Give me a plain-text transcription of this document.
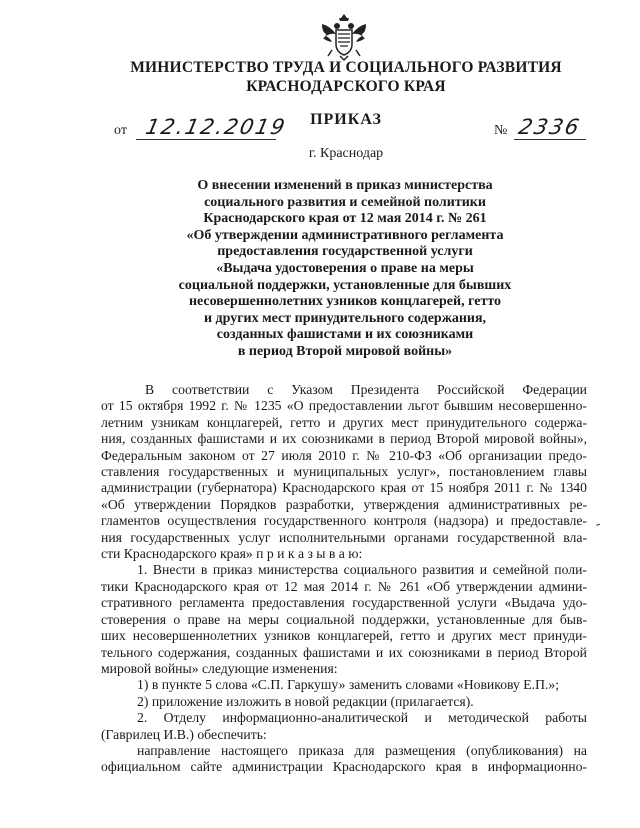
МИНИСТЕРСТВО ТРУДА И СОЦИАЛЬНОГО РАЗВИТИЯ
КРАСНОДАРСКОГО КРАЯ
ПРИКАЗ
от 12.12.2019	№ 2336
г. Краснодар
О внесении изменений в приказ министерства
социального развития и семейной политики
Краснодарского края от 12 мая 2014 г. № 261
«Об утверждении административного регламента
предоставления государственной услуги
«Выдача удостоверения о праве на меры
социальной поддержки, установленные для бывших
несовершеннолетних узников концлагерей, гетто
и других мест принудительного содержания,
созданных фашистами и их союзниками
в период Второй мировой войны»
В соответствии с Указом Президента Российской Федерации
от 15 октября 1992 г. № 1235 «О предоставлении льгот бывшим несовершенно-
летним узникам концлагерей, гетто и других мест принудительного содержа-
ния, созданных фашистами и их союзниками в период Второй мировой войны»,
Федеральным законом от 27 июля 2010 г. № 210-ФЗ «Об организации предо-
ставления государственных и муниципальных услуг», постановлением главы
администрации (губернатора) Краснодарского края от 15 ноября 2011 г. № 1340
«Об утверждении Порядков разработки, утверждения административных ре-
гламентов осуществления государственного контроля (надзора) и предоставле-
ния государственных услуг исполнительными органами государственной вла-
сти Краснодарского края» п р и к а з ы в а ю:
1. Внести в приказ министерства социального развития и семейной поли-
тики Краснодарского края от 12 мая 2014 г. № 261 «Об утверждении админи-
стративного регламента предоставления государственной услуги «Выдача удо-
стоверения о праве на меры социальной поддержки, установленные для быв-
ших несовершеннолетних узников концлагерей, гетто и других мест принуди-
тельного содержания, созданных фашистами и их союзниками в период Второй
мировой войны» следующие изменения:
1) в пункте 5 слова «С.П. Гаркушу» заменить словами «Новикову Е.П.»;
2) приложение изложить в новой редакции (прилагается).
2. Отделу информационно-аналитической и методической работы
(Гаврилец И.В.) обеспечить:
направление настоящего приказа для размещения (опубликования) на
официальном сайте администрации Краснодарского края в информационно-
-
